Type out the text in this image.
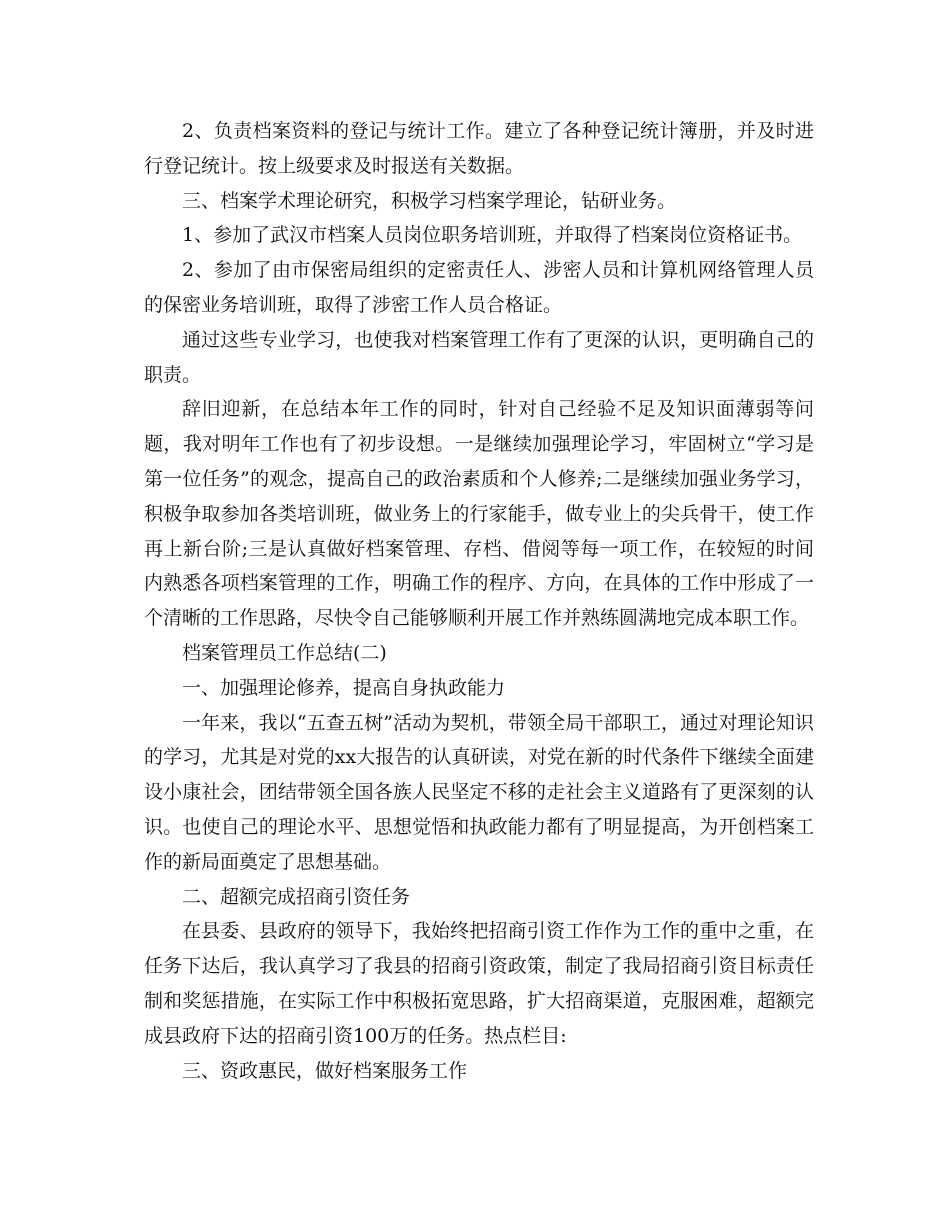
2、负责档案资料的登记与统计工作。建立了各种登记统计簿册，并及时进行登记统计。按上级要求及时报送有关数据。

三、档案学术理论研究，积极学习档案学理论，钻研业务。

1、参加了武汉市档案人员岗位职务培训班，并取得了档案岗位资格证书。

2、参加了由市保密局组织的定密责任人、涉密人员和计算机网络管理人员的保密业务培训班，取得了涉密工作人员合格证。

通过这些专业学习，也使我对档案管理工作有了更深的认识，更明确自己的职责。

辞旧迎新，在总结本年工作的同时，针对自己经验不足及知识面薄弱等问题，我对明年工作也有了初步设想。一是继续加强理论学习，牢固树立“学习是第一位任务”的观念，提高自己的政治素质和个人修养;二是继续加强业务学习，积极争取参加各类培训班，做业务上的行家能手，做专业上的尖兵骨干，使工作再上新台阶;三是认真做好档案管理、存档、借阅等每一项工作，在较短的时间内熟悉各项档案管理的工作，明确工作的程序、方向，在具体的工作中形成了一个清晰的工作思路，尽快令自己能够顺利开展工作并熟练圆满地完成本职工作。

档案管理员工作总结(二)

一、加强理论修养，提高自身执政能力

一年来，我以“五查五树”活动为契机，带领全局干部职工，通过对理论知识的学习，尤其是对党的xx大报告的认真研读，对党在新的时代条件下继续全面建设小康社会，团结带领全国各族人民坚定不移的走社会主义道路有了更深刻的认识。也使自己的理论水平、思想觉悟和执政能力都有了明显提高，为开创档案工作的新局面奠定了思想基础。

二、超额完成招商引资任务

在县委、县政府的领导下，我始终把招商引资工作作为工作的重中之重，在任务下达后，我认真学习了我县的招商引资政策，制定了我局招商引资目标责任制和奖惩措施，在实际工作中积极拓宽思路，扩大招商渠道，克服困难，超额完成县政府下达的招商引资100万的任务。热点栏目:

三、资政惠民，做好档案服务工作
